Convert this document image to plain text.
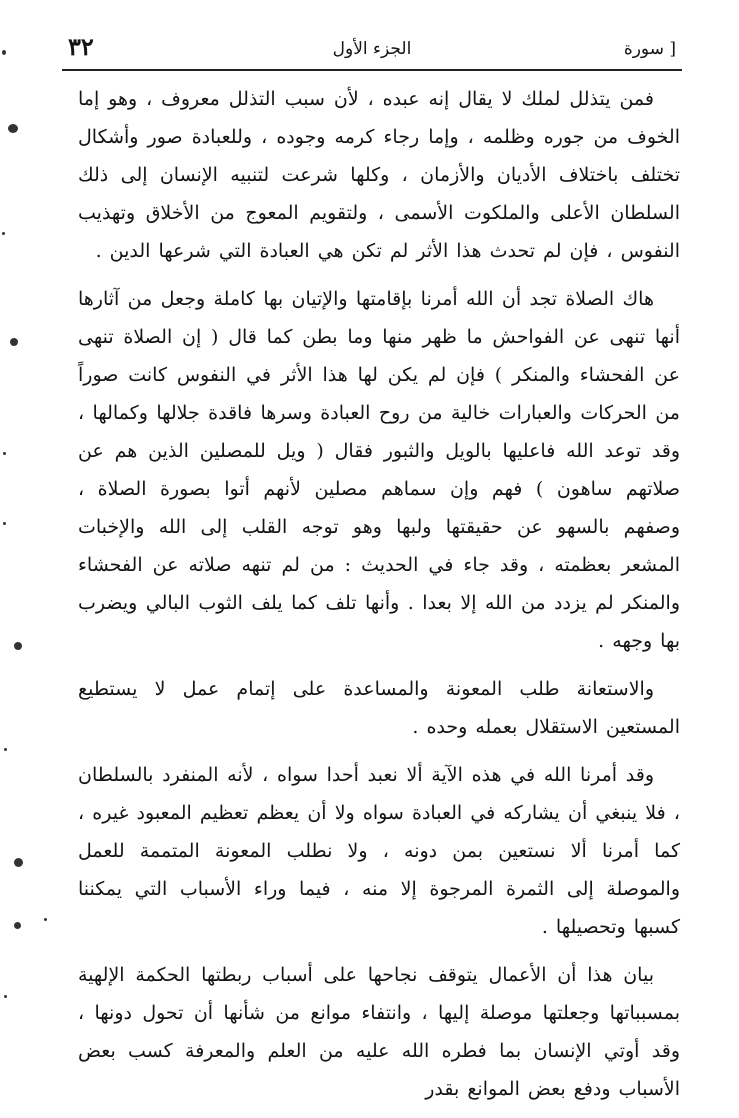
٣٢	الجزء الأول	[ سورة

فمن يتذلل لملك لا يقال إنه عبده ، لأن سبب التذلل معروف ، وهو إما الخوف من جوره وظلمه ، وإما رجاء كرمه وجوده ، وللعبادة صور وأشكال تختلف باختلاف الأديان والأزمان ، وكلها شرعت لتنبيه الإنسان إلى ذلك السلطان الأعلى والملكوت الأسمى ، ولتقويم المعوج من الأخلاق وتهذيب النفوس ، فإن لم تحدث هذا الأثر لم تكن هي العبادة التي شرعها الدين .

هاك الصلاة تجد أن الله أمرنا بإقامتها والإتيان بها كاملة وجعل من آثارها أنها تنهى عن الفواحش ما ظهر منها وما بطن كما قال ( إن الصلاة تنهى عن الفحشاء والمنكر ) فإن لم يكن لها هذا الأثر في النفوس كانت صوراً من الحركات والعبارات خالية من روح العبادة وسرها فاقدة جلالها وكمالها ، وقد توعد الله فاعليها بالويل والثبور فقال ( ويل للمصلين الذين هم عن صلاتهم ساهون ) فهم وإن سماهم مصلين لأنهم أتوا بصورة الصلاة ، وصفهم بالسهو عن حقيقتها ولبها وهو توجه القلب إلى الله والإخبات المشعر بعظمته ، وقد جاء في الحديث : من لم تنهه صلاته عن الفحشاء والمنكر لم يزدد من الله إلا بعدا . وأنها تلف كما يلف الثوب البالي ويضرب بها وجهه .

والاستعانة طلب المعونة والمساعدة على إتمام عمل لا يستطيع المستعين الاستقلال بعمله وحده .

وقد أمرنا الله في هذه الآية ألا نعبد أحدا سواه ، لأنه المنفرد بالسلطان ، فلا ينبغي أن يشاركه في العبادة سواه ولا أن يعظم تعظيم المعبود غيره ، كما أمرنا ألا نستعين بمن دونه ، ولا نطلب المعونة المتممة للعمل والموصلة إلى الثمرة المرجوة إلا منه ، فيما وراء الأسباب التي يمكننا كسبها وتحصيلها .

بيان هذا أن الأعمال يتوقف نجاحها على أسباب ربطتها الحكمة الإلهية بمسبباتها وجعلتها موصلة إليها ، وانتفاء موانع من شأنها أن تحول دونها ، وقد أوتي الإنسان بما فطره الله عليه من العلم والمعرفة كسب بعض الأسباب ودفع بعض الموانع بقدر
